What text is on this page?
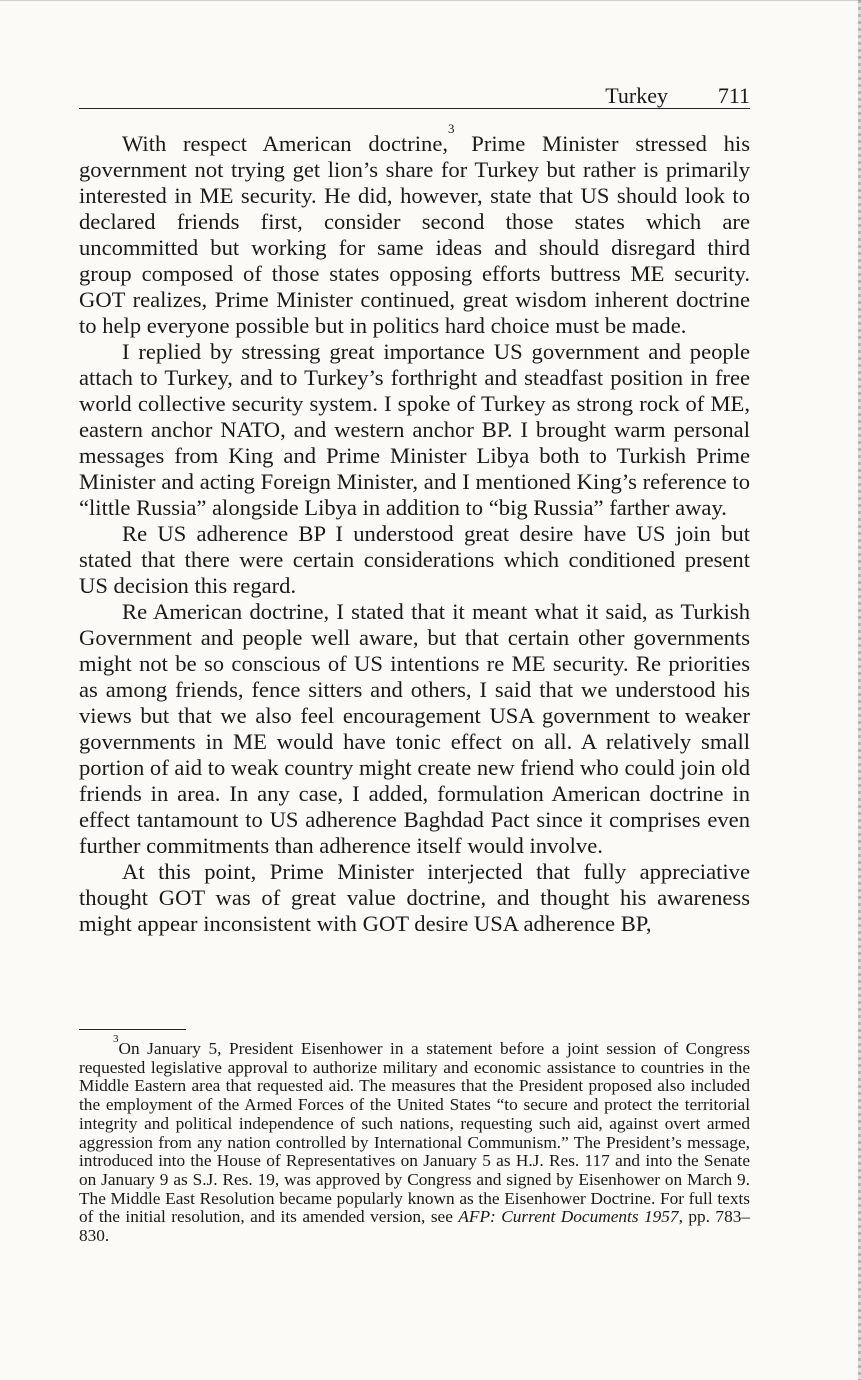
Turkey 711

With respect American doctrine,$^3$ Prime Minister stressed his government not trying get lion’s share for Turkey but rather is primarily interested in ME security. He did, however, state that US should look to declared friends first, consider second those states which are uncommitted but working for same ideas and should disregard third group composed of those states opposing efforts buttress ME security. GOT realizes, Prime Minister continued, great wisdom inherent doctrine to help everyone possible but in politics hard choice must be made.

I replied by stressing great importance US government and people attach to Turkey, and to Turkey’s forthright and steadfast position in free world collective security system. I spoke of Turkey as strong rock of ME, eastern anchor NATO, and western anchor BP. I brought warm personal messages from King and Prime Minister Libya both to Turkish Prime Minister and acting Foreign Minister, and I mentioned King’s reference to “little Russia” alongside Libya in addition to “big Russia” farther away.

Re US adherence BP I understood great desire have US join but stated that there were certain considerations which conditioned present US decision this regard.

Re American doctrine, I stated that it meant what it said, as Turkish Government and people well aware, but that certain other governments might not be so conscious of US intentions re ME security. Re priorities as among friends, fence sitters and others, I said that we understood his views but that we also feel encouragement USA government to weaker governments in ME would have tonic effect on all. A relatively small portion of aid to weak country might create new friend who could join old friends in area. In any case, I added, formulation American doctrine in effect tantamount to US adherence Baghdad Pact since it comprises even further commitments than adherence itself would involve.

At this point, Prime Minister interjected that fully appreciative thought GOT was of great value doctrine, and thought his awareness might appear inconsistent with GOT desire USA adherence BP,

$^3$On January 5, President Eisenhower in a statement before a joint session of Congress requested legislative approval to authorize military and economic assistance to countries in the Middle Eastern area that requested aid. The measures that the President proposed also included the employment of the Armed Forces of the United States “to secure and protect the territorial integrity and political independence of such nations, requesting such aid, against overt armed aggression from any nation controlled by International Communism.” The President’s message, introduced into the House of Representatives on January 5 as H.J. Res. 117 and into the Senate on January 9 as S.J. Res. 19, was approved by Congress and signed by Eisenhower on March 9. The Middle East Resolution became popularly known as the Eisenhower Doctrine. For full texts of the initial resolution, and its amended version, see AFP: Current Documents 1957, pp. 783–830.
